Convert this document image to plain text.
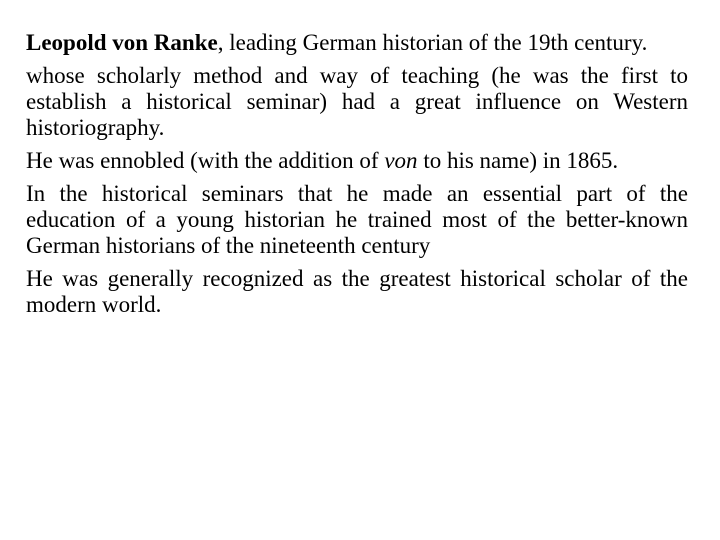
Leopold von Ranke, leading German historian of the 19th century.

whose scholarly method and way of teaching (he was the first to establish a historical seminar) had a great influence on Western historiography.

He was ennobled (with the addition of von to his name) in 1865.

In the historical seminars that he made an essential part of the education of a young historian he trained most of the better-known German historians of the nineteenth century

He was generally recognized as the greatest historical scholar of the modern world.
